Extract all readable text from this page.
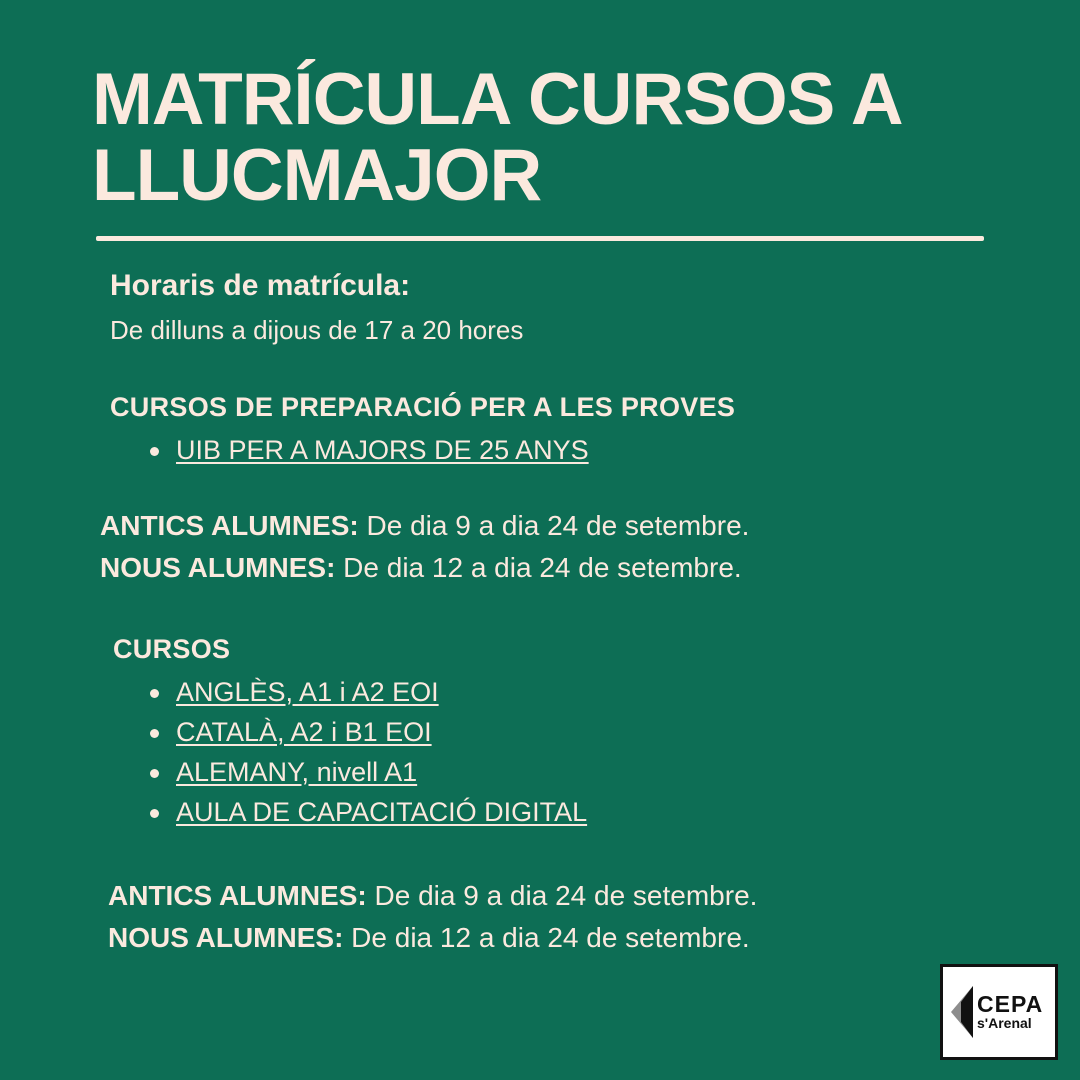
MATRÍCULA CURSOS A LLUCMAJOR
Horaris de matrícula:
De dilluns a dijous de 17 a 20 hores
CURSOS DE PREPARACIÓ PER A LES PROVES
UIB PER A MAJORS DE 25 ANYS
ANTICS ALUMNES: De dia 9 a dia 24 de setembre.
NOUS ALUMNES: De dia 12 a dia 24 de setembre.
CURSOS
ANGLÈS, A1 i A2 EOI
CATALÀ, A2 i B1 EOI
ALEMANY, nivell A1
AULA DE CAPACITACIÓ DIGITAL
ANTICS ALUMNES: De dia 9 a dia 24 de setembre.
NOUS ALUMNES: De dia 12 a dia 24 de setembre.
CEPA
s'Arenal
